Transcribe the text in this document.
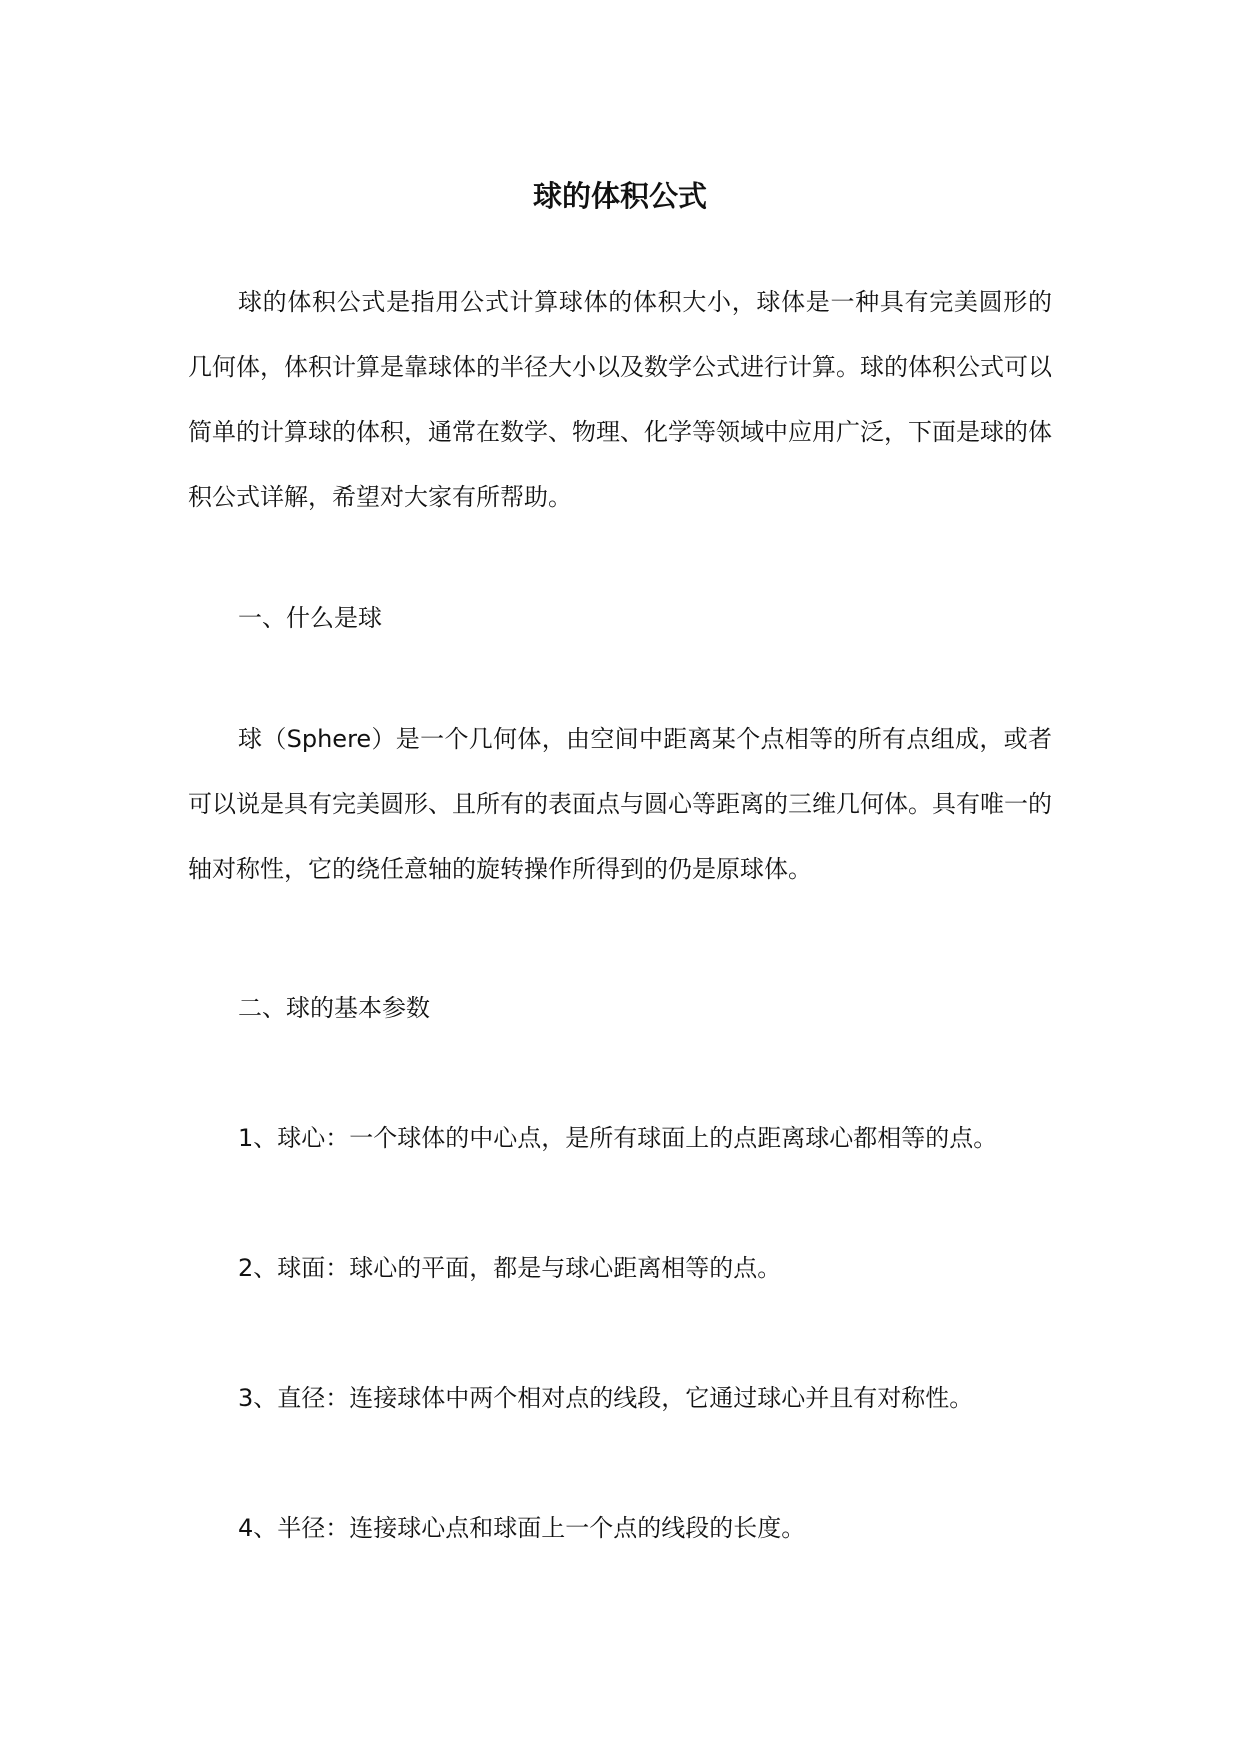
球的体积公式

球的体积公式是指用公式计算球体的体积大小，球体是一种具有完美圆形的几何体，体积计算是靠球体的半径大小以及数学公式进行计算。球的体积公式可以简单的计算球的体积，通常在数学、物理、化学等领域中应用广泛，下面是球的体积公式详解，希望对大家有所帮助。

一、什么是球

球（Sphere）是一个几何体，由空间中距离某个点相等的所有点组成，或者可以说是具有完美圆形、且所有的表面点与圆心等距离的三维几何体。具有唯一的轴对称性，它的绕任意轴的旋转操作所得到的仍是原球体。

二、球的基本参数

1、球心：一个球体的中心点，是所有球面上的点距离球心都相等的点。

2、球面：球心的平面，都是与球心距离相等的点。

3、直径：连接球体中两个相对点的线段，它通过球心并且有对称性。

4、半径：连接球心点和球面上一个点的线段的长度。
